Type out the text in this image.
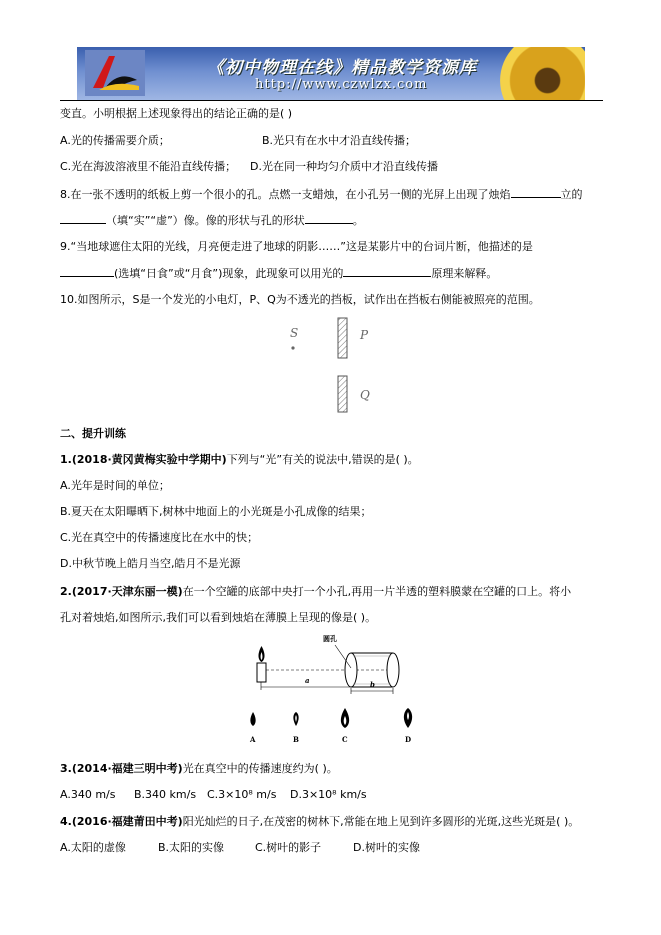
《初中物理在线》精品教学资源库
http://www.czwlzx.com
变直。小明根据上述现象得出的结论正确的是( )
A.光的传播需要介质；	B.光只有在水中才沿直线传播；
C.光在海波溶液里不能沿直线传播； D.光在同一种均匀介质中才沿直线传播
8.在一张不透明的纸板上剪一个很小的孔。点燃一支蜡烛，在小孔另一侧的光屏上出现了烛焰	立的
（填“实”“虚”）像。像的形状与孔的形状	。
9.“当地球遮住太阳的光线，月亮便走进了地球的阴影……”这是某影片中的台词片断，他描述的是
(选填“日食”或“月食”)现象，此现象可以用光的	原理来解释。
10.如图所示，S是一个发光的小电灯，P、Q为不透光的挡板，试作出在挡板右侧能被照亮的范围。
S	P
Q
二、提升训练
1.(2018·黄冈黄梅实验中学期中)下列与“光”有关的说法中,错误的是( )。
A.光年是时间的单位；
B.夏天在太阳曝晒下,树林中地面上的小光斑是小孔成像的结果；
C.光在真空中的传播速度比在水中的快；
D.中秋节晚上皓月当空,皓月不是光源
2.(2017·天津东丽一模)在一个空罐的底部中央打一个小孔,再用一片半透的塑料膜蒙在空罐的口上。将小
孔对着烛焰,如图所示,我们可以看到烛焰在薄膜上呈现的像是( )。
圆孔
a	b
A	B	C	D
3.(2014·福建三明中考)光在真空中的传播速度约为( )。
A.340 m/s B.340 km/s C.3×10⁸ m/s D.3×10⁸ km/s
4.(2016·福建莆田中考)阳光灿烂的日子,在茂密的树林下,常能在地上见到许多圆形的光斑,这些光斑是( )。
A.太阳的虚像	B.太阳的实像	C.树叶的影子	D.树叶的实像
